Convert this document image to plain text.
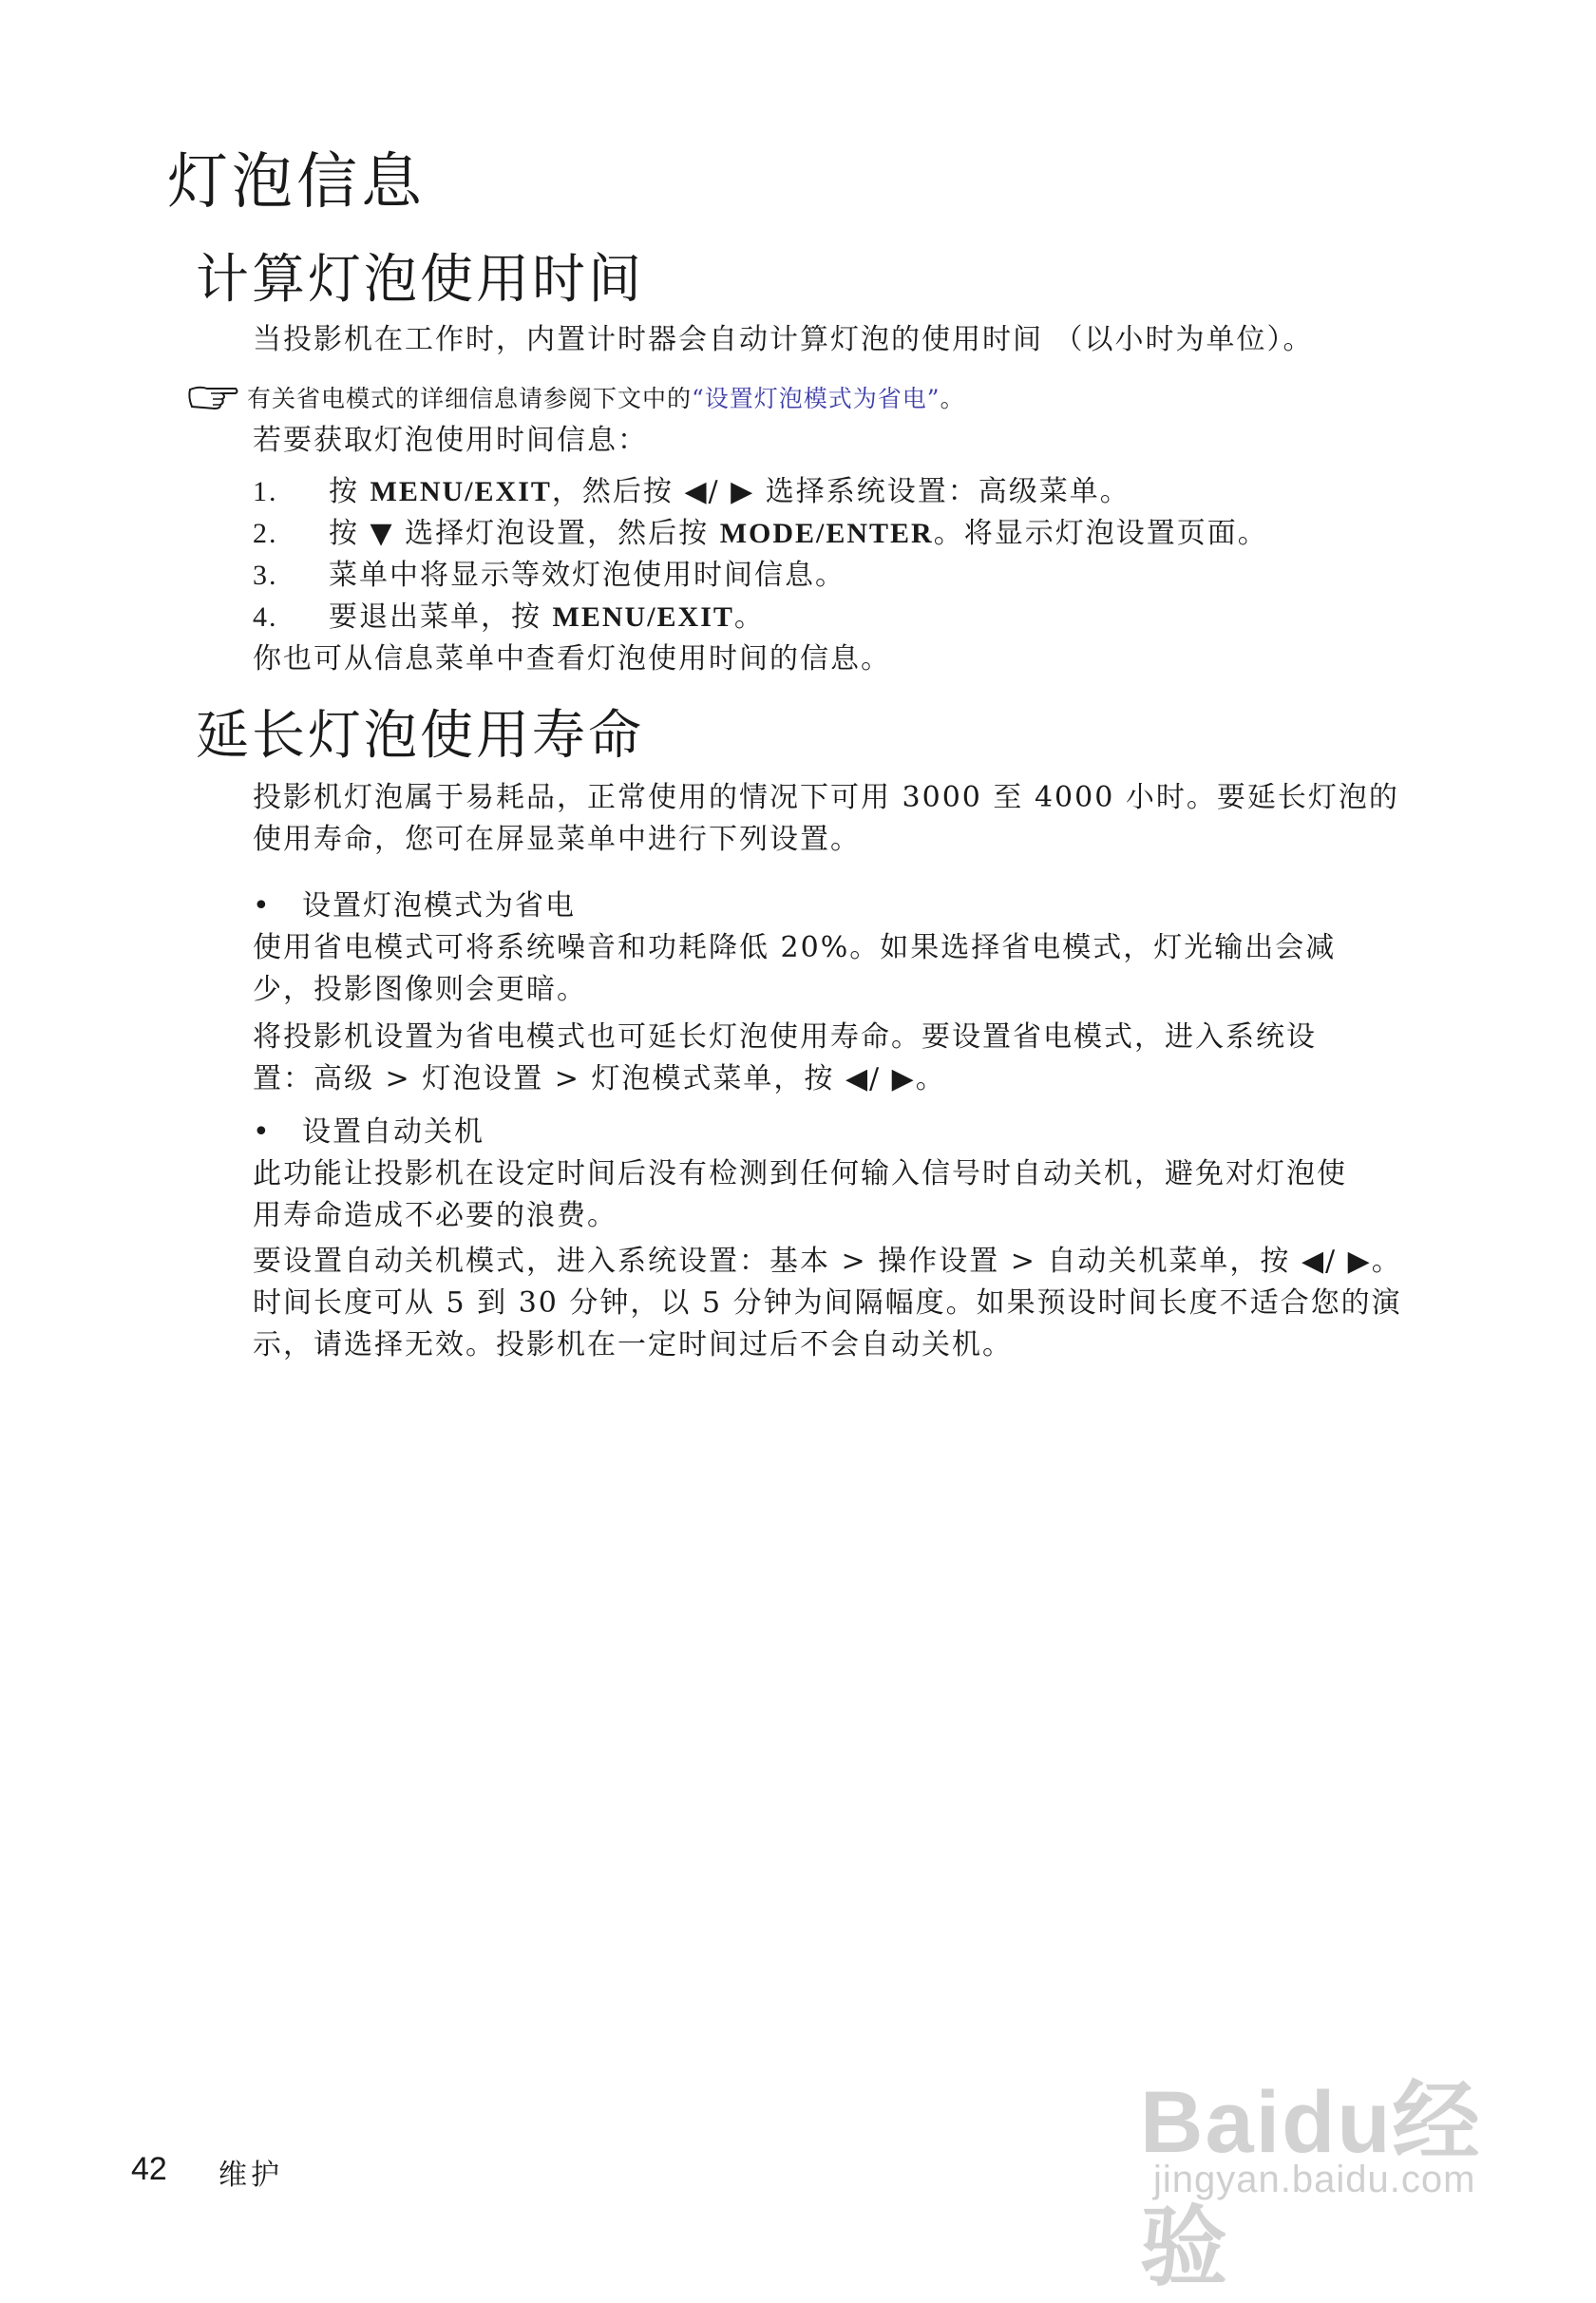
灯泡信息
计算灯泡使用时间

当投影机在工作时，内置计时器会自动计算灯泡的使用时间 （以小时为单位）。

有关省电模式的详细信息请参阅下文中的 “设置灯泡模式为省电” 。

若要获取灯泡使用时间信息：

1. 按 MENU/EXIT，然后按 ◀/ ▶ 选择系统设置：高级菜单。
2. 按 ▼ 选择灯泡设置，然后按 MODE/ENTER。将显示灯泡设置页面。
3. 菜单中将显示等效灯泡使用时间信息。
4. 要退出菜单，按 MENU/EXIT。

你也可从信息菜单中查看灯泡使用时间的信息。

延长灯泡使用寿命

投影机灯泡属于易耗品，正常使用的情况下可用 3000 至 4000 小时。要延长灯泡的

使用寿命，您可在屏显菜单中进行下列设置。

• 设置灯泡模式为省电

使用省电模式可将系统噪音和功耗降低 20%。如果选择省电模式，灯光输出会减

少，投影图像则会更暗。

将投影机设置为省电模式也可延长灯泡使用寿命。要设置省电模式，进入系统设

置：高级 > 灯泡设置 > 灯泡模式菜单，按 ◀/ ▶。

• 设置自动关机

此功能让投影机在设定时间后没有检测到任何输入信号时自动关机，避免对灯泡使

用寿命造成不必要的浪费。

要设置自动关机模式，进入系统设置：基本 > 操作设置 > 自动关机菜单，按 ◀/ ▶。

时间长度可从 5 到 30 分钟，以 5 分钟为间隔幅度。如果预设时间长度不适合您的演

示，请选择无效。投影机在一定时间过后不会自动关机。

42 维护
Baidu经验
jingyan.baidu.com
